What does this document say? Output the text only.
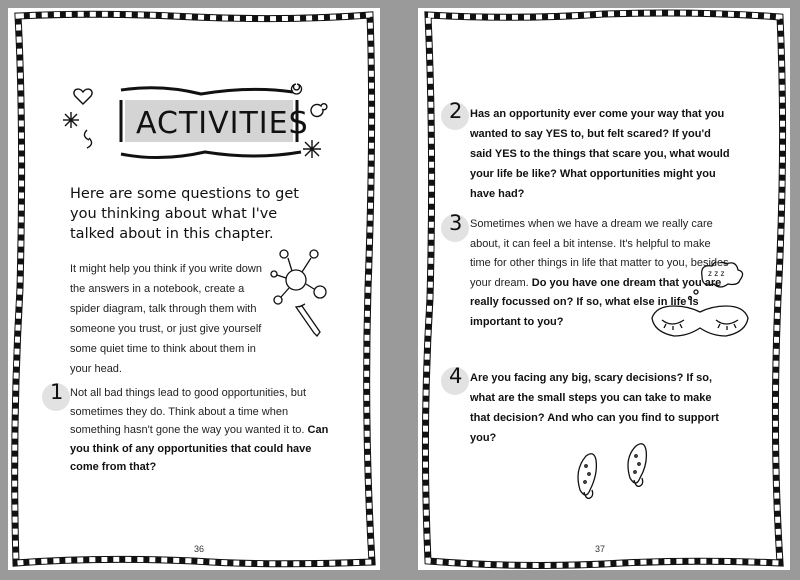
ACTIVITIES
Here are some questions to get you thinking about what I've talked about in this chapter.
It might help you think if you write down the answers in a notebook, create a spider diagram, talk through them with someone you trust, or just give yourself some quiet time to think about them in your head.
1 Not all bad things lead to good opportunities, but sometimes they do. Think about a time when something hasn't gone the way you wanted it to. Can you think of any opportunities that could have come from that?
36
2 Has an opportunity ever come your way that you wanted to say YES to, but felt scared? If you'd said YES to the things that scare you, what would your life be like? What opportunities might you have had?
3 Sometimes when we have a dream we really care about, it can feel a bit intense. It's helpful to make time for other things in life that matter to you, besides your dream. Do you have one dream that you are really focussed on? If so, what else in life is important to you?
z z z
4 Are you facing any big, scary decisions? If so, what are the small steps you can take to make that decision? And who can you find to support you?
37
